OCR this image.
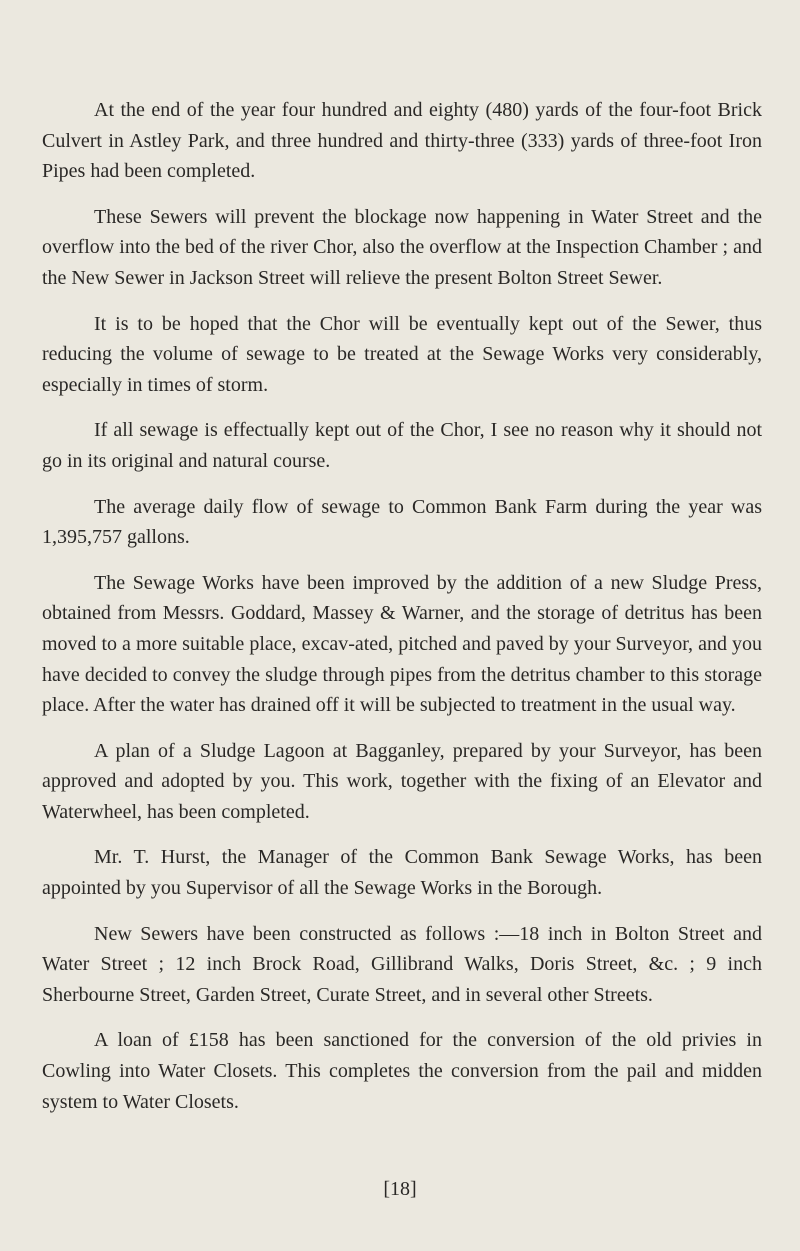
At the end of the year four hundred and eighty (480) yards of the four-foot Brick Culvert in Astley Park, and three hundred and thirty-three (333) yards of three-foot Iron Pipes had been completed.

These Sewers will prevent the blockage now happening in Water Street and the overflow into the bed of the river Chor, also the overflow at the Inspection Chamber ; and the New Sewer in Jackson Street will relieve the present Bolton Street Sewer.

It is to be hoped that the Chor will be eventually kept out of the Sewer, thus reducing the volume of sewage to be treated at the Sewage Works very considerably, especially in times of storm.

If all sewage is effectually kept out of the Chor, I see no reason why it should not go in its original and natural course.

The average daily flow of sewage to Common Bank Farm during the year was 1,395,757 gallons.

The Sewage Works have been improved by the addition of a new Sludge Press, obtained from Messrs. Goddard, Massey & Warner, and the storage of detritus has been moved to a more suitable place, excav-ated, pitched and paved by your Surveyor, and you have decided to convey the sludge through pipes from the detritus chamber to this storage place. After the water has drained off it will be subjected to treatment in the usual way.

A plan of a Sludge Lagoon at Bagganley, prepared by your Surveyor, has been approved and adopted by you. This work, together with the fixing of an Elevator and Waterwheel, has been completed.

Mr. T. Hurst, the Manager of the Common Bank Sewage Works, has been appointed by you Supervisor of all the Sewage Works in the Borough.

New Sewers have been constructed as follows :—18 inch in Bolton Street and Water Street ; 12 inch Brock Road, Gillibrand Walks, Doris Street, &c. ; 9 inch Sherbourne Street, Garden Street, Curate Street, and in several other Streets.

A loan of £158 has been sanctioned for the conversion of the old privies in Cowling into Water Closets. This completes the conversion from the pail and midden system to Water Closets.

[18]
